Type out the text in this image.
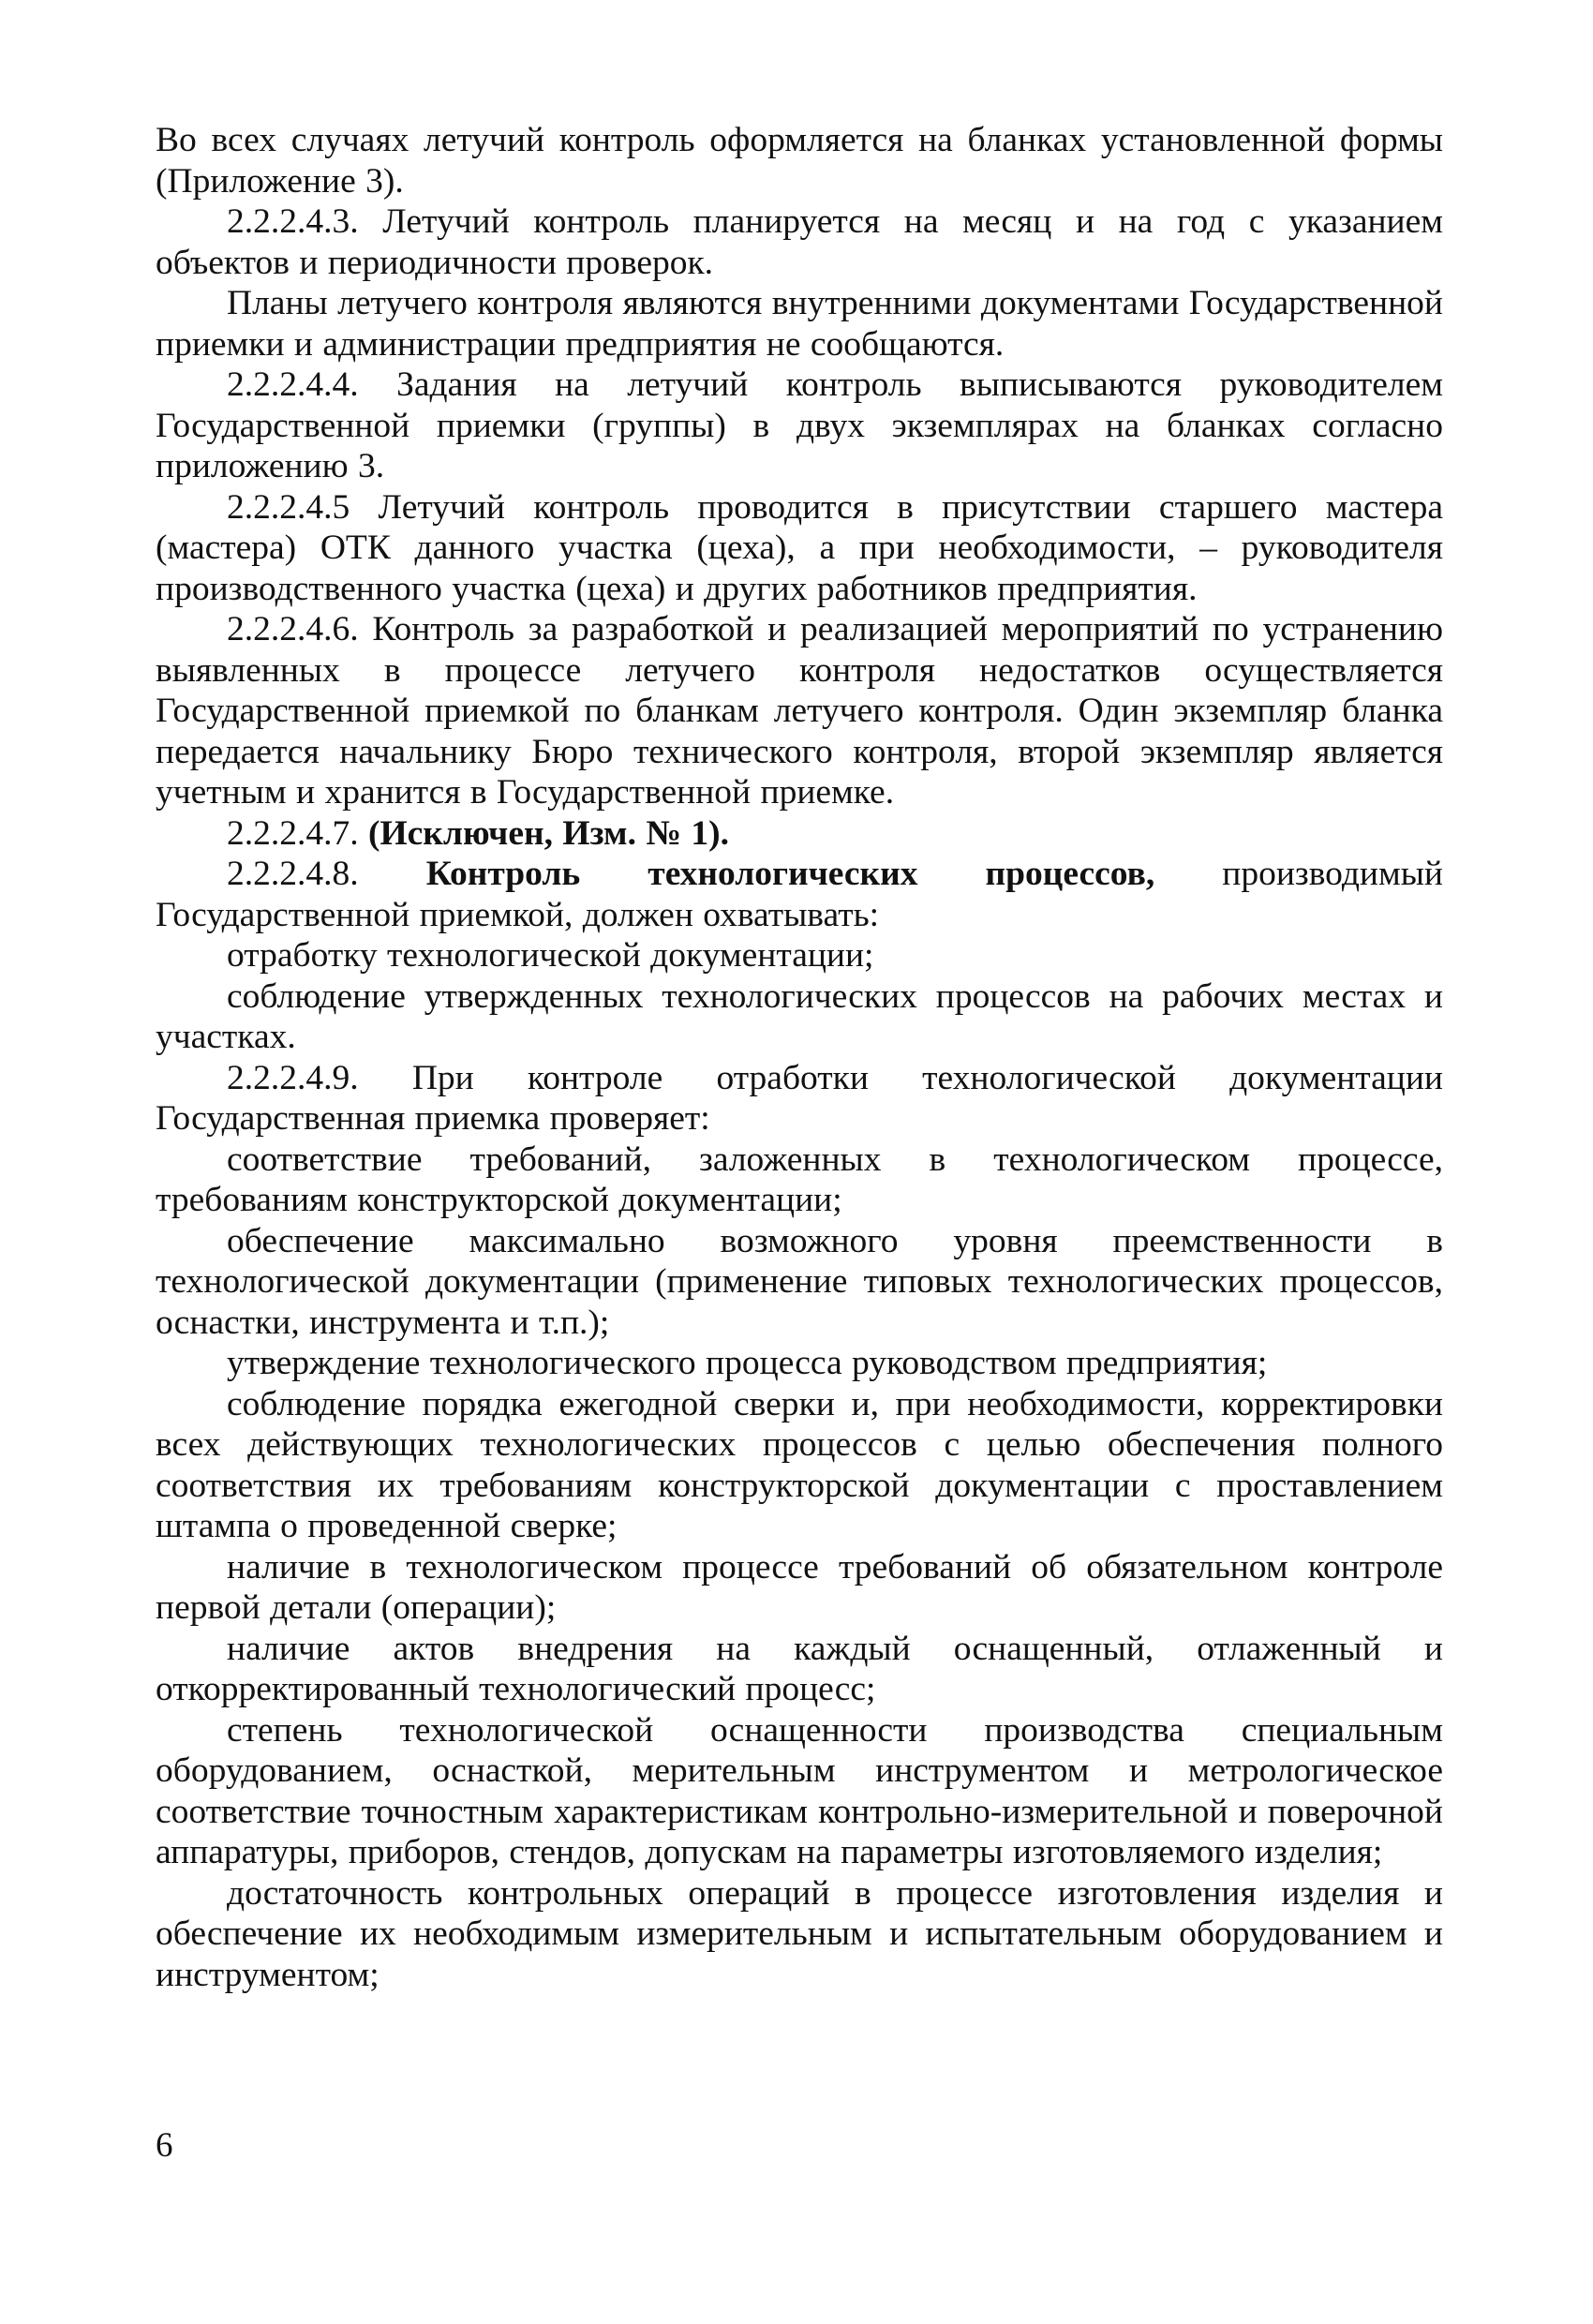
Во всех случаях летучий контроль оформляется на бланках установленной формы (Приложение 3).

2.2.2.4.3. Летучий контроль планируется на месяц и на год с указанием объектов и периодичности проверок.

Планы летучего контроля являются внутренними документами Государственной приемки и администрации предприятия не сообщаются.

2.2.2.4.4. Задания на летучий контроль выписываются руководителем Государственной приемки (группы) в двух экземплярах на бланках согласно приложению 3.

2.2.2.4.5 Летучий контроль проводится в присутствии старшего мастера (мастера) ОТК данного участка (цеха), а при необходимости, – руководителя производственного участка (цеха) и других работников предприятия.

2.2.2.4.6. Контроль за разработкой и реализацией мероприятий по устранению выявленных в процессе летучего контроля недостатков осуществляется Государственной приемкой по бланкам летучего контроля. Один экземпляр бланка передается начальнику Бюро технического контроля, второй экземпляр является учетным и хранится в Государственной приемке.

2.2.2.4.7. (Исключен, Изм. № 1).

2.2.2.4.8. Контроль технологических процессов, производимый Государственной приемкой, должен охватывать:

отработку технологической документации;

соблюдение утвержденных технологических процессов на рабочих местах и участках.

2.2.2.4.9. При контроле отработки технологической документации Государственная приемка проверяет:

соответствие требований, заложенных в технологическом процессе, требованиям конструкторской документации;

обеспечение максимально возможного уровня преемственности в технологической документации (применение типовых технологических процессов, оснастки, инструмента и т.п.);

утверждение технологического процесса руководством предприятия;

соблюдение порядка ежегодной сверки и, при необходимости, корректировки всех действующих технологических процессов с целью обеспечения полного соответствия их требованиям конструкторской документации с проставлением штампа о проведенной сверке;

наличие в технологическом процессе требований об обязательном контроле первой детали (операции);

наличие актов внедрения на каждый оснащенный, отлаженный и откорректированный технологический процесс;

степень технологической оснащенности производства специальным оборудованием, оснасткой, мерительным инструментом и метрологическое соответствие точностным характеристикам контрольно-измерительной и поверочной аппаратуры, приборов, стендов, допускам на параметры изготовляемого изделия;

достаточность контрольных операций в процессе изготовления изделия и обеспечение их необходимым измерительным и испытательным оборудованием и инструментом;

6
